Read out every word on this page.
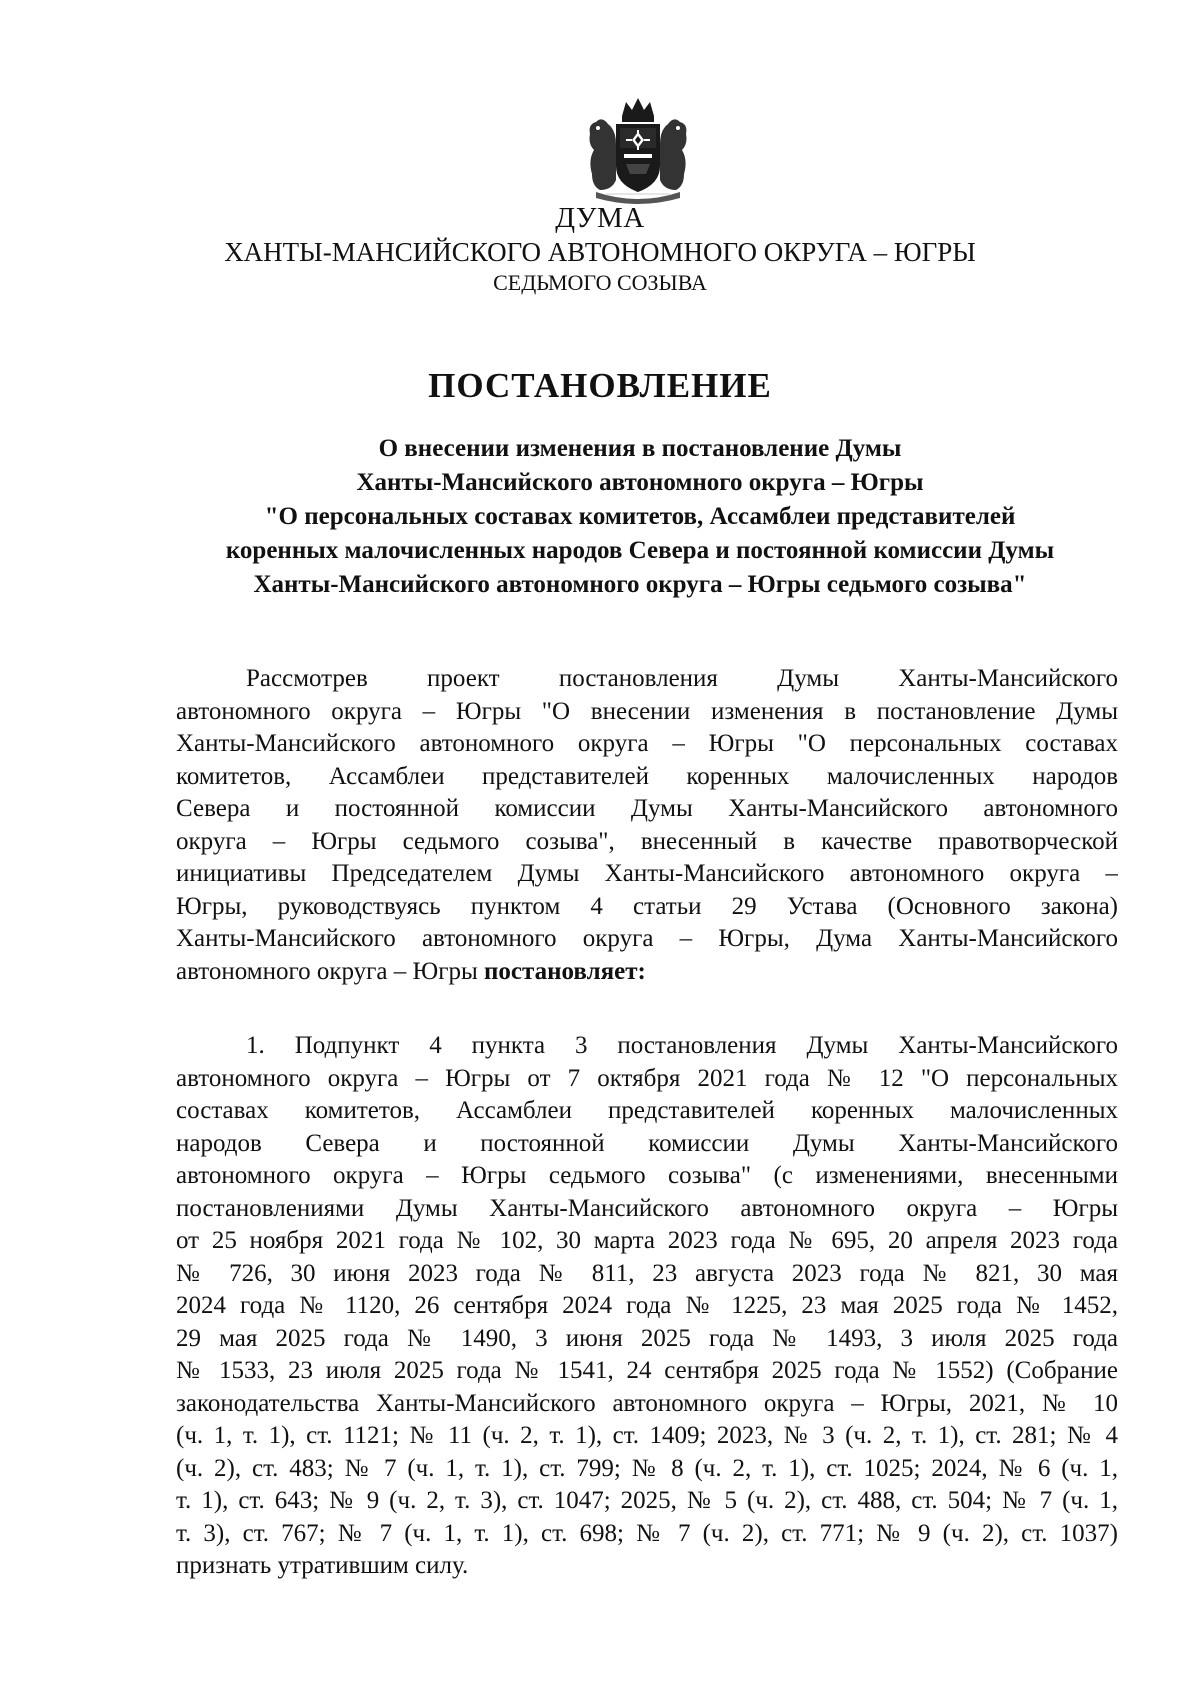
ДУМА
ХАНТЫ-МАНСИЙСКОГО АВТОНОМНОГО ОКРУГА – ЮГРЫ
СЕДЬМОГО СОЗЫВА
ПОСТАНОВЛЕНИЕ
О внесении изменения в постановление Думы
Ханты-Мансийского автономного округа – Югры
"О персональных составах комитетов, Ассамблеи представителей
коренных малочисленных народов Севера и постоянной комиссии Думы
Ханты-Мансийского автономного округа – Югры седьмого созыва"
Рассмотрев проект постановления Думы Ханты-Мансийского
автономного округа – Югры "О внесении изменения в постановление Думы
Ханты-Мансийского автономного округа – Югры "О персональных составах
комитетов, Ассамблеи представителей коренных малочисленных народов
Севера и постоянной комиссии Думы Ханты-Мансийского автономного
округа – Югры седьмого созыва", внесенный в качестве правотворческой
инициативы Председателем Думы Ханты-Мансийского автономного округа –
Югры, руководствуясь пунктом 4 статьи 29 Устава (Основного закона)
Ханты-Мансийского автономного округа – Югры, Дума Ханты-Мансийского
автономного округа – Югры постановляет:
1. Подпункт 4 пункта 3 постановления Думы Ханты-Мансийского
автономного округа – Югры от 7 октября 2021 года № 12 "О персональных
составах комитетов, Ассамблеи представителей коренных малочисленных
народов Севера и постоянной комиссии Думы Ханты-Мансийского
автономного округа – Югры седьмого созыва" (с изменениями, внесенными
постановлениями Думы Ханты-Мансийского автономного округа – Югры
от 25 ноября 2021 года № 102, 30 марта 2023 года № 695, 20 апреля 2023 года
№ 726, 30 июня 2023 года № 811, 23 августа 2023 года № 821, 30 мая
2024 года № 1120, 26 сентября 2024 года № 1225, 23 мая 2025 года № 1452,
29 мая 2025 года № 1490, 3 июня 2025 года № 1493, 3 июля 2025 года
№ 1533, 23 июля 2025 года № 1541, 24 сентября 2025 года № 1552) (Собрание
законодательства Ханты-Мансийского автономного округа – Югры, 2021, № 10
(ч. 1, т. 1), ст. 1121; № 11 (ч. 2, т. 1), ст. 1409; 2023, № 3 (ч. 2, т. 1), ст. 281; № 4
(ч. 2), ст. 483; № 7 (ч. 1, т. 1), ст. 799; № 8 (ч. 2, т. 1), ст. 1025; 2024, № 6 (ч. 1,
т. 1), ст. 643; № 9 (ч. 2, т. 3), ст. 1047; 2025, № 5 (ч. 2), ст. 488, ст. 504; № 7 (ч. 1,
т. 3), ст. 767; № 7 (ч. 1, т. 1), ст. 698; № 7 (ч. 2), ст. 771; № 9 (ч. 2), ст. 1037)
признать утратившим силу.
